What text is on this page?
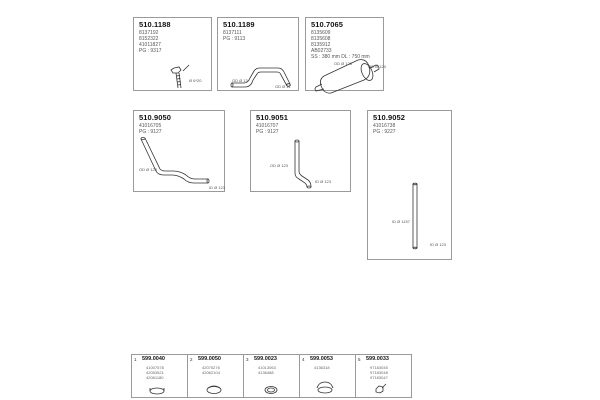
510.1188
8137192
8152322
41011827
PG : 9317
Ø 6*20
510.1189
8137111
PG : 9113
OD Ø 13
OD Ø 11
510.7065
8135609
8135608
8135912
AB02733
SS : 380 mm DL : 750 mm
OD Ø 123
OD Ø 120
510.9050
41016705
PG : 9127
OD Ø 123
ID Ø 123
510.9051
41016707
PG : 9127
OD Ø 123
ID Ø 123
510.9052
41016738
PG : 9227
ID Ø 1157
ID Ø 123
1 599.0040
41007578
42053521
42061180
2 599.0050
42075276
42062104
3 599.0023
41013063
4136488
4 599.0053
4136318
5 599.0033
97183045
97183048
97183047
